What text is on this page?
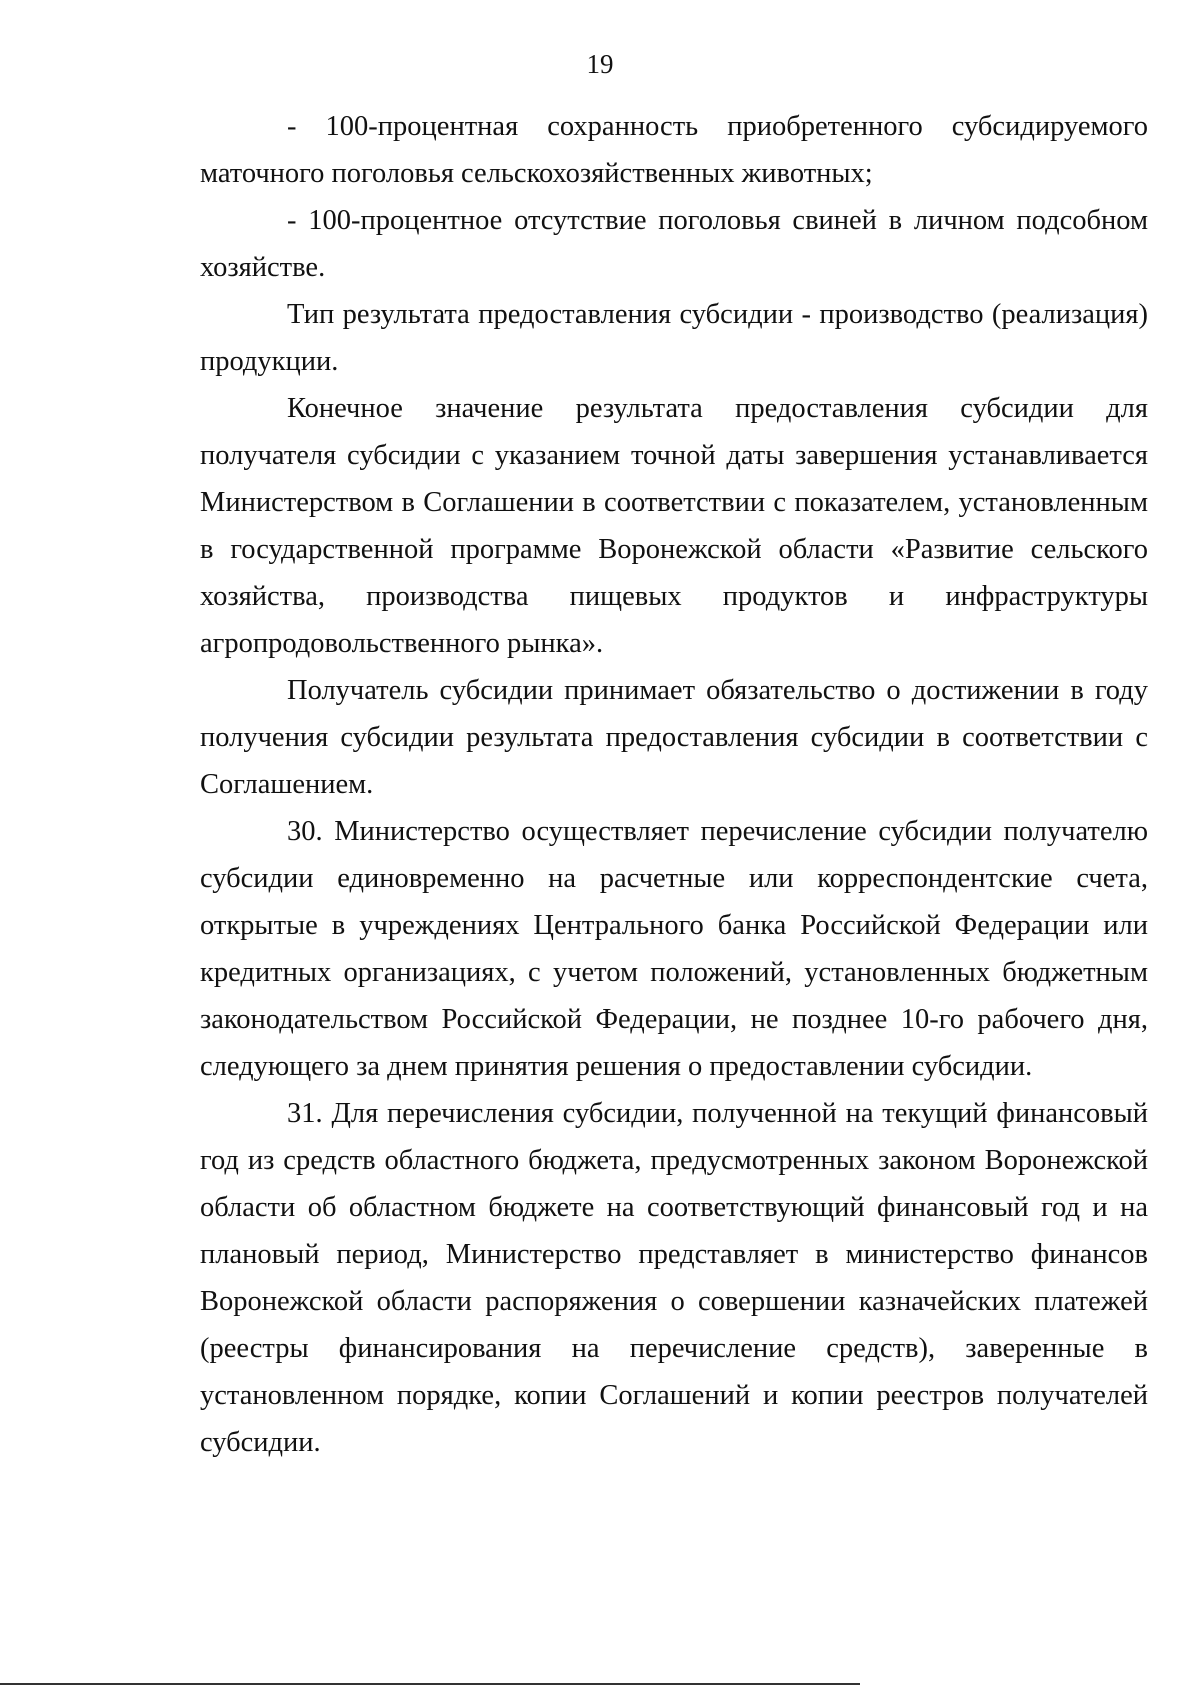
19

- 100-процентная сохранность приобретенного субсидируемого маточного поголовья сельскохозяйственных животных;

- 100-процентное отсутствие поголовья свиней в личном подсобном хозяйстве.

Тип результата предоставления субсидии - производство (реализация) продукции.

Конечное значение результата предоставления субсидии для получателя субсидии с указанием точной даты завершения устанавливается Министерством в Соглашении в соответствии с показателем, установленным в государственной программе Воронежской области «Развитие сельского хозяйства, производства пищевых продуктов и инфраструктуры агропродовольственного рынка».

Получатель субсидии принимает обязательство о достижении в году получения субсидии результата предоставления субсидии в соответствии с Соглашением.

30. Министерство осуществляет перечисление субсидии получателю субсидии единовременно на расчетные или корреспондентские счета, открытые в учреждениях Центрального банка Российской Федерации или кредитных организациях, с учетом положений, установленных бюджетным законодательством Российской Федерации, не позднее 10-го рабочего дня, следующего за днем принятия решения о предоставлении субсидии.

31. Для перечисления субсидии, полученной на текущий финансовый год из средств областного бюджета, предусмотренных законом Воронежской области об областном бюджете на соответствующий финансовый год и на плановый период, Министерство представляет в министерство финансов Воронежской области распоряжения о совершении казначейских платежей (реестры финансирования на перечисление средств), заверенные в установленном порядке, копии Соглашений и копии реестров получателей субсидии.
